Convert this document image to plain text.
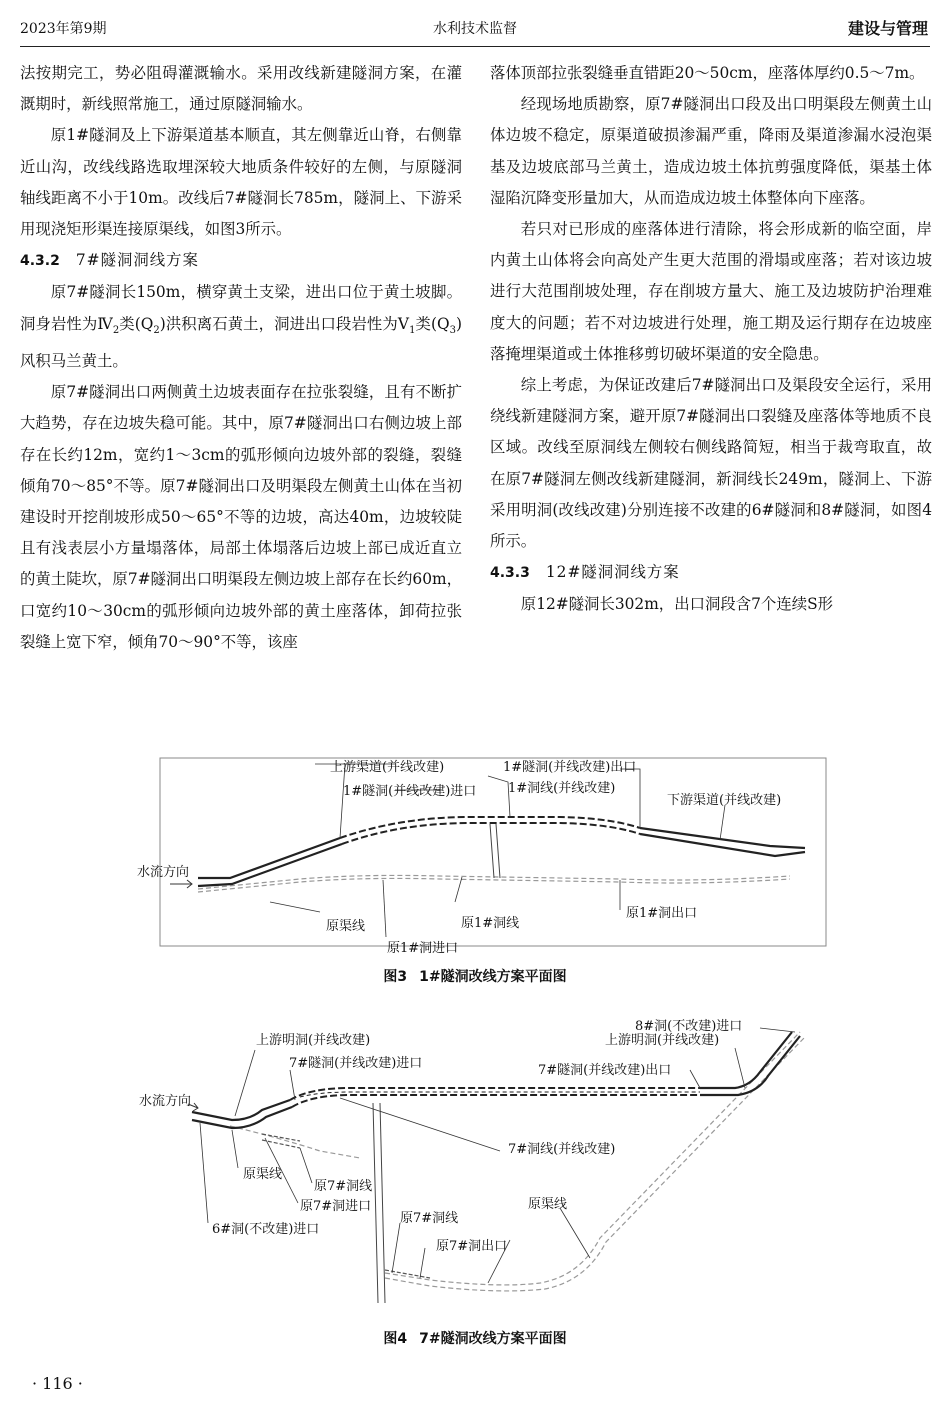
2023年第9期	水利技术监督	建设与管理

法按期完工，势必阻碍灌溉输水。采用改线新建隧洞方案，在灌溉期时，新线照常施工，通过原隧洞输水。

原1#隧洞及上下游渠道基本顺直，其左侧靠近山脊，右侧靠近山沟，改线线路选取埋深较大地质条件较好的左侧，与原隧洞轴线距离不小于10m。改线后7#隧洞长785m，隧洞上、下游采用现浇矩形渠连接原渠线，如图3所示。

4.3.2 7#隧洞洞线方案

原7#隧洞长150m，横穿黄土支梁，进出口位于黄土坡脚。洞身岩性为$Ⅳ_2$类$(Q_2)$洪积离石黄土，洞进出口段岩性为$Ⅴ_1$类$(Q_3)$风积马兰黄土。

原7#隧洞出口两侧黄土边坡表面存在拉张裂缝，且有不断扩大趋势，存在边坡失稳可能。其中，原7#隧洞出口右侧边坡上部存在长约12m，宽约1～3cm的弧形倾向边坡外部的裂缝，裂缝倾角70～85°不等。原7#隧洞出口及明渠段左侧黄土山体在当初建设时开挖削坡形成50～65°不等的边坡，高达40m，边坡较陡且有浅表层小方量塌落体，局部土体塌落后边坡上部已成近直立的黄土陡坎，原7#隧洞出口明渠段左侧边坡上部存在长约60m，口宽约10～30cm的弧形倾向边坡外部的黄土座落体，卸荷拉张裂缝上宽下窄，倾角70～90°不等，该座

落体顶部拉张裂缝垂直错距20～50cm，座落体厚约0.5～7m。

经现场地质勘察，原7#隧洞出口段及出口明渠段左侧黄土山体边坡不稳定，原渠道破损渗漏严重，降雨及渠道渗漏水浸泡渠基及边坡底部马兰黄土，造成边坡土体抗剪强度降低，渠基土体湿陷沉降变形量加大，从而造成边坡土体整体向下座落。

若只对已形成的座落体进行清除，将会形成新的临空面，岸内黄土山体将会向高处产生更大范围的滑塌或座落；若对该边坡进行大范围削坡处理，存在削坡方量大、施工及边坡防护治理难度大的问题；若不对边坡进行处理，施工期及运行期存在边坡座落掩埋渠道或土体推移剪切破坏渠道的安全隐患。

综上考虑，为保证改建后7#隧洞出口及渠段安全运行，采用绕线新建隧洞方案，避开原7#隧洞出口裂缝及座落体等地质不良区域。改线至原洞线左侧较右侧线路简短，相当于裁弯取直，故在原7#隧洞左侧改线新建隧洞，新洞线长249m，隧洞上、下游采用明洞(改线改建)分别连接不改建的6#隧洞和8#隧洞，如图4所示。

4.3.3 12#隧洞洞线方案

原12#隧洞长302m，出口洞段含7个连续S形

上游渠道(并线改建)	1#隧洞(并线改建)出口
1#隧洞(并线改建)进口 1#洞线(并线改建)
下游渠道(并线改建)
水流方向
原渠线	原1#洞线
原1#洞出口
原1#洞进口
图3 1#隧洞改线方案平面图
8#洞(不改建)进口
上游明洞(并线改建)	上游明洞(并线改建)
7#隧洞(并线改建)进口	7#隧洞(并线改建)出口
水流方向
7#洞线(并线改建)
原渠线
原7#洞线
原7#洞进口
6#洞(不改建)进口
原7#洞线
原渠线
原7#洞出口
图4 7#隧洞改线方案平面图
· 116 ·
